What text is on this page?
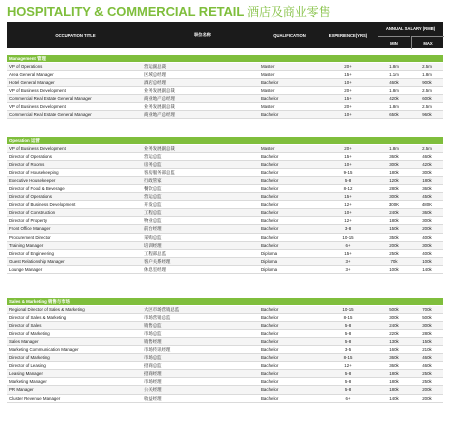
HOSPITALITY & COMMERCIAL RETAIL 酒店及商业零售
OCCUPATION TITLE	职位名称	QUALIFICATION	EXPERIENCE(YRS)
ANNUAL SALARY (RMB)
MIN	MAX
Management 管理
VP of Operations	营运副总裁	Master	20+	1.8m	2.5m
Area General Manager	区域总经理	Master	15+	1.1m	1.8m
Hotel General Manager	酒店总经理	Bachelor	10+	460k	900k
VP of Business Development	业务发展副总裁	Master	20+	1.8m	2.5m
Commercial Real Estate General Manager	商业地产总经理	Bachelor	15+	420k	600k
VP of Business Development	业务发展副总裁	Master	20+	1.8m	2.5m
Commercial Real Estate General Manager	商业地产总经理	Bachelor	10+	650k	960k
Operation 运营
VP of Business Development	业务发展副总裁	Master	20+	1.8m	2.5m
Director of Operations	营运总监	Bachelor	15+	360k	460k
Director of Rooms	房务总监	Bachelor	10+	300k	420k
Director of Housekeeping	客房服务部总监	Bachelor	9-15	180k	300k
Executive Housekeeper	行政管家	Bachelor	5-8	120k	180k
Director of Food & Beverage	餐饮总监	Bachelor	8-12	280k	360k
Director of Operations	营运总监	Bachelor	15+	300k	450k
Director of Business Development	开发总监	Bachelor	12+	300K	480K
Director of Construction	工程总监	Bachelor	10+	240k	360k
Director of Property	物业总监	Bachelor	12+	180k	300k
Front Office Manager	前台经理	Bachelor	3-8	150k	200k
Procurement Director	采购总监	Bachelor	10-15	350k	400k
Training Manager	培训经理	Bachelor	6+	200k	300k
Director of Engineering	工程部总监	Diploma	15+	250k	400k
Guest Relationship Manager	客户关系经理	Diploma	3+	70k	100k
Lounge Manager	休息室经理	Diploma	3+	100k	140k
Sales & Marketing 销售与市场
Regional Director of Sales & Marketing	大区市场营销总监	Bachelor	10-15	500k	700k
Director of Sales & Marketing	市场营销总监	Bachelor	8-15	300k	500k
Director of Sales	销售总监	Bachelor	5-8	240k	300k
Director of Marketing	市场总监	Bachelor	5-8	220k	280k
Sales Manager	销售经理	Bachelor	5-8	130k	150k
Marketing Communication Manager	市场传讯经理	Bachelor	3-5	160k	210k
Director of Marketing	市场总监	Bachelor	8-15	360k	460k
Director of Leasing	招商总监	Bachelor	12+	360k	460k
Leasing Manager	招商经理	Bachelor	5-8	180k	250k
Marketing Manager	市场经理	Bachelor	5-8	180k	250k
PR Manager	公关经理	Bachelor	5-8	180k	200k
Cluster Revenue Manager	收益经理	Bachelor	6+	140k	200k
